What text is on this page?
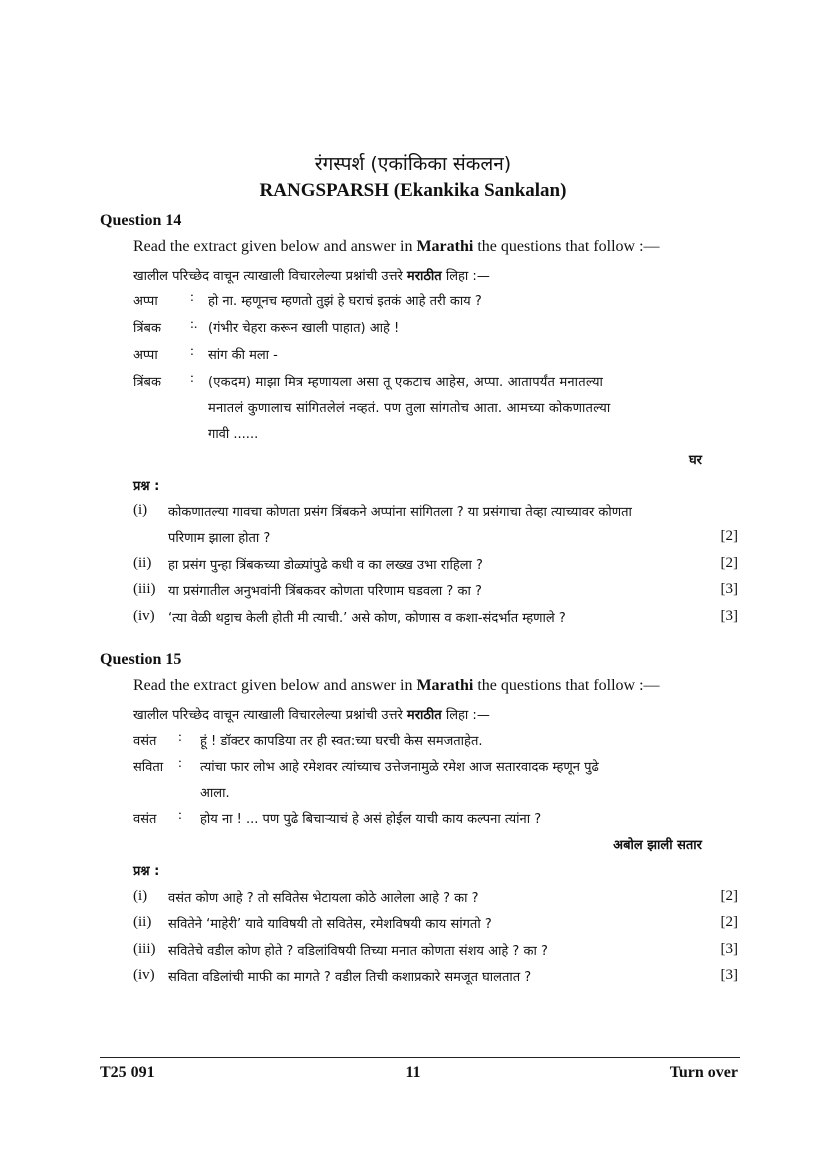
रंगस्पर्श (एकांकिका संकलन)
RANGSPARSH (Ekankika Sankalan)
Question 14
Read the extract given below and answer in Marathi the questions that follow :—
खालील परिच्छेद वाचून त्याखाली विचारलेल्या प्रश्नांची उत्तरे मराठीत लिहा :—
अप्पा : हो ना. म्हणूनच म्हणतो तुझं हे घराचं इतकं आहे तरी काय ?
त्रिंबक :. (गंभीर चेहरा करून खाली पाहात) आहे !
अप्पा : सांग की मला -
त्रिंबक : (एकदम) माझा मित्र म्हणायला असा तू एकटाच आहेस, अप्पा. आतापर्यंत मनातल्या
मनातलं कुणालाच सांगितलेलं नव्हतं. पण तुला सांगतोच आता. आमच्या कोकणातल्या
गावी ......
घर
प्रश्न :
(i) कोकणातल्या गावचा कोणता प्रसंग त्रिंबकने अप्पांना सांगितला ? या प्रसंगाचा तेव्हा त्याच्यावर कोणता
परिणाम झाला होता ?	[2]
(ii) हा प्रसंग पुन्हा त्रिंबकच्या डोळ्यांपुढे कधी व का लख्ख उभा राहिला ?	[2]
(iii) या प्रसंगातील अनुभवांनी त्रिंबकवर कोणता परिणाम घडवला ? का ?	[3]
(iv) ‘त्या वेळी थट्टाच केली होती मी त्याची.’ असे कोण, कोणास व कशा-संदर्भात म्हणाले ?	[3]
Question 15
Read the extract given below and answer in Marathi the questions that follow :—
खालील परिच्छेद वाचून त्याखाली विचारलेल्या प्रश्नांची उत्तरे मराठीत लिहा :—
वसंत : हूं ! डॉक्टर कापडिया तर ही स्वत:च्या घरची केस समजताहेत.
सविता : त्यांचा फार लोभ आहे रमेशवर त्यांच्याच उत्तेजनामुळे रमेश आज सतारवादक म्हणून पुढे
आला.
वसंत : होय ना ! ... पण पुढे बिचाऱ्याचं हे असं होईल याची काय कल्पना त्यांना ?
अबोल झाली सतार
प्रश्न :
(i) वसंत कोण आहे ? तो सवितेस भेटायला कोठे आलेला आहे ? का ?	[2]
(ii) सवितेने ‘माहेरी’ यावे याविषयी तो सवितेस, रमेशविषयी काय सांगतो ?	[2]
(iii) सवितेचे वडील कोण होते ? वडिलांविषयी तिच्या मनात कोणता संशय आहे ? का ?	[3]
(iv) सविता वडिलांची माफी का मागते ? वडील तिची कशाप्रकारे समजूत घालतात ?	[3]
T25 091	11	Turn over
